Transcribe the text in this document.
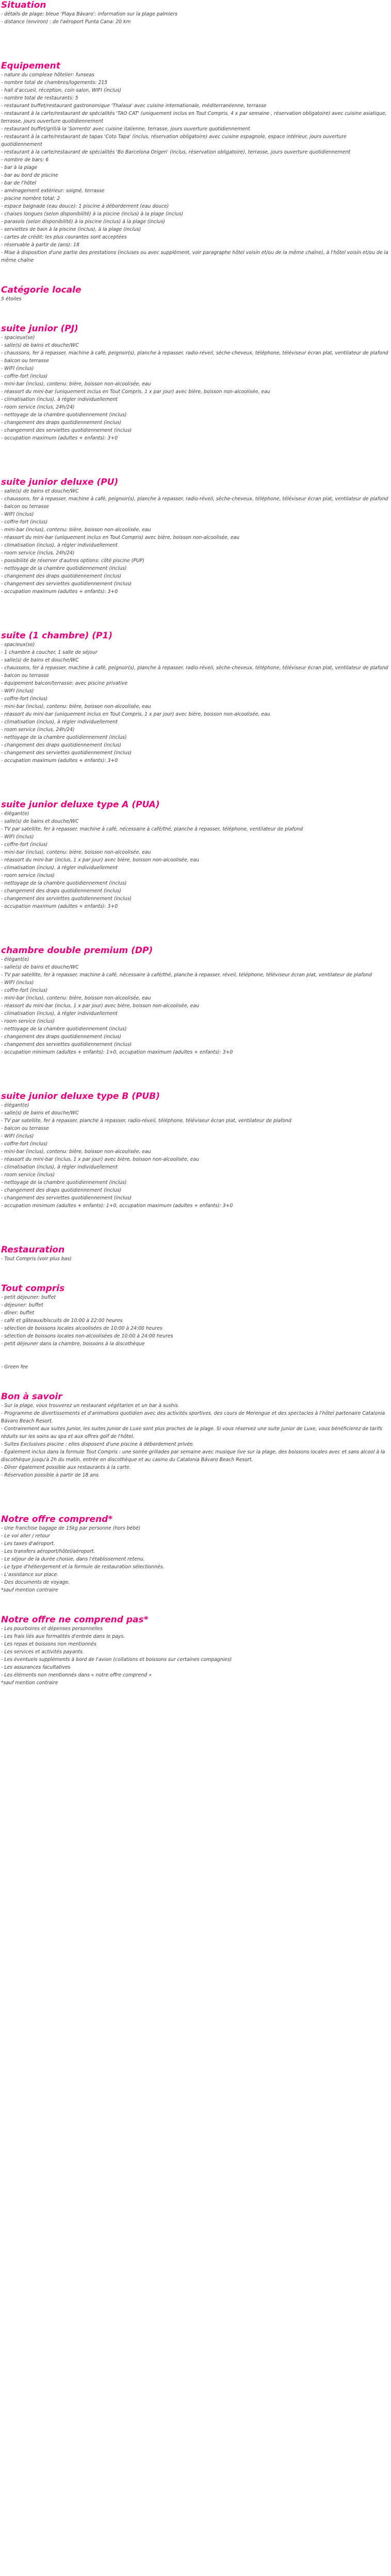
Situation
- détails de plage: bleue 'Playa Bávaro': information sur la plage palmiers
- distance (environ) : de l'aéroport Punta Cana: 20 km
Equipement
- nature du complexe hôtelier: funseas
- nombre total de chambres/logements: 215
- hall d'accueil, réception, coin salon, WIFI (inclus)
- nombre total de restaurants: 5
- restaurant buffet/restaurant gastronomique 'Thalasa' avec cuisine internationale, méditerranéenne, terrasse
- restaurant à la carte/restaurant de spécialités 'TAO CAT' (uniquement inclus en Tout Compris, 4 x par semaine , réservation obligatoire) avec cuisine asiatique, terrasse, jours ouverture quotidiennement
- restaurant buffet/grill/à la 'Sorrento' avec cuisine italienne, terrasse, jours ouverture quotidiennement
- restaurant à la carte/restaurant de tapas 'Coto Tapa' (inclus, réservation obligatoire) avec cuisine espagnole, espace intérieur, jours ouverture quotidiennement
- restaurant à la carte/restaurant de spécialités 'Bo Barcelona Origen' (inclus, réservation obligatoire), terrasse, jours ouverture quotidiennement
- nombre de bars: 6
- bar à la plage
- bar au bord de piscine
- bar de l'hôtel
- aménagement extérieur: soigné, terrasse
- piscine nombre total: 2
- espace baignade (eau douce): 1 piscine à débordement (eau douce)
- chaises longues (selon disponibilité) à la piscine (inclus) à la plage (inclus)
- parasols (selon disponibilité) à la piscine (inclus) à la plage (inclus)
- serviettes de bain à la piscine (inclus), à la plage (inclus)
- cartes de crédit: les plus courantes sont acceptées
- réservable à partir de (ans): 18
- Mise à disposition d'une partie des prestations (incluses ou avec supplément, voir paragraphe hôtel voisin et/ou de la même chaîne), à l'hôtel voisin et/ou de la même chaîne
Catégorie locale
5 étoiles
suite junior (PJ)
- spacieux(se)
- salle(s) de bains et douche/WC
- chaussons, fer à repasser, machine à café, peignoir(s), planche à repasser, radio-réveil, sèche-cheveux, téléphone, téléviseur écran plat, ventilateur de plafond
- balcon ou terrasse
- WIFI (inclus)
- coffre-fort (inclus)
- mini-bar (inclus), contenu: bière, boisson non-alcoolisée, eau
- réassort du mini-bar (uniquement inclus en Tout Compris, 1 x par jour) avec bière, boisson non-alcoolisée, eau
- climatisation (inclus), à régler individuellement
- room service (inclus, 24h/24)
- nettoyage de la chambre quotidiennement (inclus)
- changement des draps quotidiennement (inclus)
- changement des serviettes quotidiennement (inclus)
- occupation maximum (adultes + enfants): 3+0
suite junior deluxe (PU)
- salle(s) de bains et douche/WC
- chaussons, fer à repasser, machine à café, peignoir(s), planche à repasser, radio-réveil, sèche-cheveux, téléphone, téléviseur écran plat, ventilateur de plafond
- balcon ou terrasse
- WIFI (inclus)
- coffre-fort (inclus)
- mini-bar (inclus), contenu: bière, boisson non-alcoolisée, eau
- réassort du mini-bar (uniquement inclus en Tout Compris) avec bière, boisson non-alcoolisée, eau
- climatisation (inclus), à régler individuellement
- room service (inclus, 24h/24)
- possibilité de réserver d'autres options: côté piscine (PUP)
- nettoyage de la chambre quotidiennement (inclus)
- changement des draps quotidiennement (inclus)
- changement des serviettes quotidiennement (inclus)
- occupation maximum (adultes + enfants): 3+0
suite (1 chambre) (P1)
- spacieux(se)
- 1 chambre à coucher, 1 salle de séjour
- salle(s) de bains et douche/WC
- chaussons, fer à repasser, machine à café, peignoir(s), planche à repasser, radio-réveil, sèche-cheveux, téléphone, téléviseur écran plat, ventilateur de plafond
- balcon ou terrasse
- équipement balcon/terrasse: avec piscine privative
- WIFI (inclus)
- coffre-fort (inclus)
- mini-bar (inclus), contenu: bière, boisson non-alcoolisée, eau
- réassort du mini-bar (uniquement inclus en Tout Compris, 1 x par jour) avec bière, boisson non-alcoolisée, eau
- climatisation (inclus), à régler individuellement
- room service (inclus, 24h/24)
- nettoyage de la chambre quotidiennement (inclus)
- changement des draps quotidiennement (inclus)
- changement des serviettes quotidiennement (inclus)
- occupation maximum (adultes + enfants): 3+0
suite junior deluxe type A (PUA)
- élégant(e)
- salle(s) de bains et douche/WC
- TV par satellite, fer à repasser, machine à café, nécessaire à café/thé, planche à repasser, téléphone, ventilateur de plafond
- WIFI (inclus)
- coffre-fort (inclus)
- mini-bar (inclus), contenu: bière, boisson non-alcoolisée, eau
- réassort du mini-bar (inclus, 1 x par jour) avec bière, boisson non-alcoolisée, eau
- climatisation (inclus), à régler individuellement
- room service (inclus)
- nettoyage de la chambre quotidiennement (inclus)
- changement des draps quotidiennement (inclus)
- changement des serviettes quotidiennement (inclus)
- occupation maximum (adultes + enfants): 3+0
chambre double premium (DP)
- élégant(e)
- salle(s) de bains et douche/WC
- TV par satellite, fer à repasser, machine à café, nécessaire à café/thé, planche à repasser, réveil, téléphone, téléviseur écran plat, ventilateur de plafond
- WIFI (inclus)
- coffre-fort (inclus)
- mini-bar (inclus), contenu: bière, boisson non-alcoolisée, eau
- réassort du mini-bar (inclus, 1 x par jour) avec bière, boisson non-alcoolisée, eau
- climatisation (inclus), à régler individuellement
- room service (inclus)
- nettoyage de la chambre quotidiennement (inclus)
- changement des draps quotidiennement (inclus)
- changement des serviettes quotidiennement (inclus)
- occupation minimum (adultes + enfants): 1+0, occupation maximum (adultes + enfants): 3+0
suite junior deluxe type B (PUB)
- élégant(e)
- salle(s) de bains et douche/WC
- TV par satellite, fer à repasser, planche à repasser, radio-réveil, téléphone, téléviseur écran plat, ventilateur de plafond
- balcon ou terrasse
- WIFI (inclus)
- coffre-fort (inclus)
- mini-bar (inclus), contenu: bière, boisson non-alcoolisée, eau
- réassort du mini-bar (inclus, 1 x par jour) avec bière, boisson non-alcoolisée, eau
- climatisation (inclus), à régler individuellement
- room service (inclus)
- nettoyage de la chambre quotidiennement (inclus)
- changement des draps quotidiennement (inclus)
- changement des serviettes quotidiennement (inclus)
- occupation minimum (adultes + enfants): 1+0, occupation maximum (adultes + enfants): 3+0
Restauration
- Tout Compris (voir plus bas)
Tout compris
- petit déjeuner: buffet
- déjeuner: buffet
- dîner: buffet
- café et gâteaux/biscuits de 10:00 à 22:00 heures
- sélection de boissons locales alcoolisées de 10:00 à 24:00 heures
- sélection de boissons locales non-alcoolisées de 10:00 à 24:00 heures
- petit déjeuner dans la chambre, boissons à la discothèque

- Green fee
Bon à savoir
- Sur la plage, vous trouverez un restaurant végétarien et un bar à sushis.
- Programme de divertissements et d'animations quotidien avec des activités sportives, des cours de Merengue et des spectacles à l'hôtel partenaire Catalonia Bávaro Beach Resort.
- Contrairement aux suites Junior, les suites Junior de Luxe sont plus proches de la plage. Si vous réservez une suite Junior de Luxe, vous bénéficierez de tarifs réduits sur les soins au spa et aux offres golf de l'hôtel.
- Suites Exclusives piscine : elles disposent d'une piscine à débordement privée.
- Également inclus dans la formule Tout Compris : une soirée grillades par semaine avec musique live sur la plage, des boissons locales avec et sans alcool à la discothèque jusqu'à 2h du matin, entrée en discothèque et au casino du Catalonia Bávaro Beach Resort.
- Dîner également possible aux restaurants à la carte.
- Réservation possible à partir de 18 ans.
Notre offre comprend*
- Une franchise bagage de 15kg par personne (hors bébé)
- Le vol aller / retour
- Les taxes d'aéroport.
- Les transfers aéroport/hôtel/aéroport.
- Le séjour de la durée choisie, dans l'établissement retenu.
- Le type d'hébergement et la formule de restauration sélectionnés.
- L'assistance sur place.
- Des documents de voyage.
*sauf mention contraire
Notre offre ne comprend pas*
- Les pourboires et dépenses personnelles
- Les frais liés aux formalités d'entrée dans le pays.
- Les repas et boissons non mentionnés
- Les services et activités payants.
- Les éventuels suppléments à bord de l'avion (collations et boissons sur certaines compagnies)
- Les assurances facultatives
- Les éléments non mentionnés dans « notre offre comprend »
*sauf mention contraire
